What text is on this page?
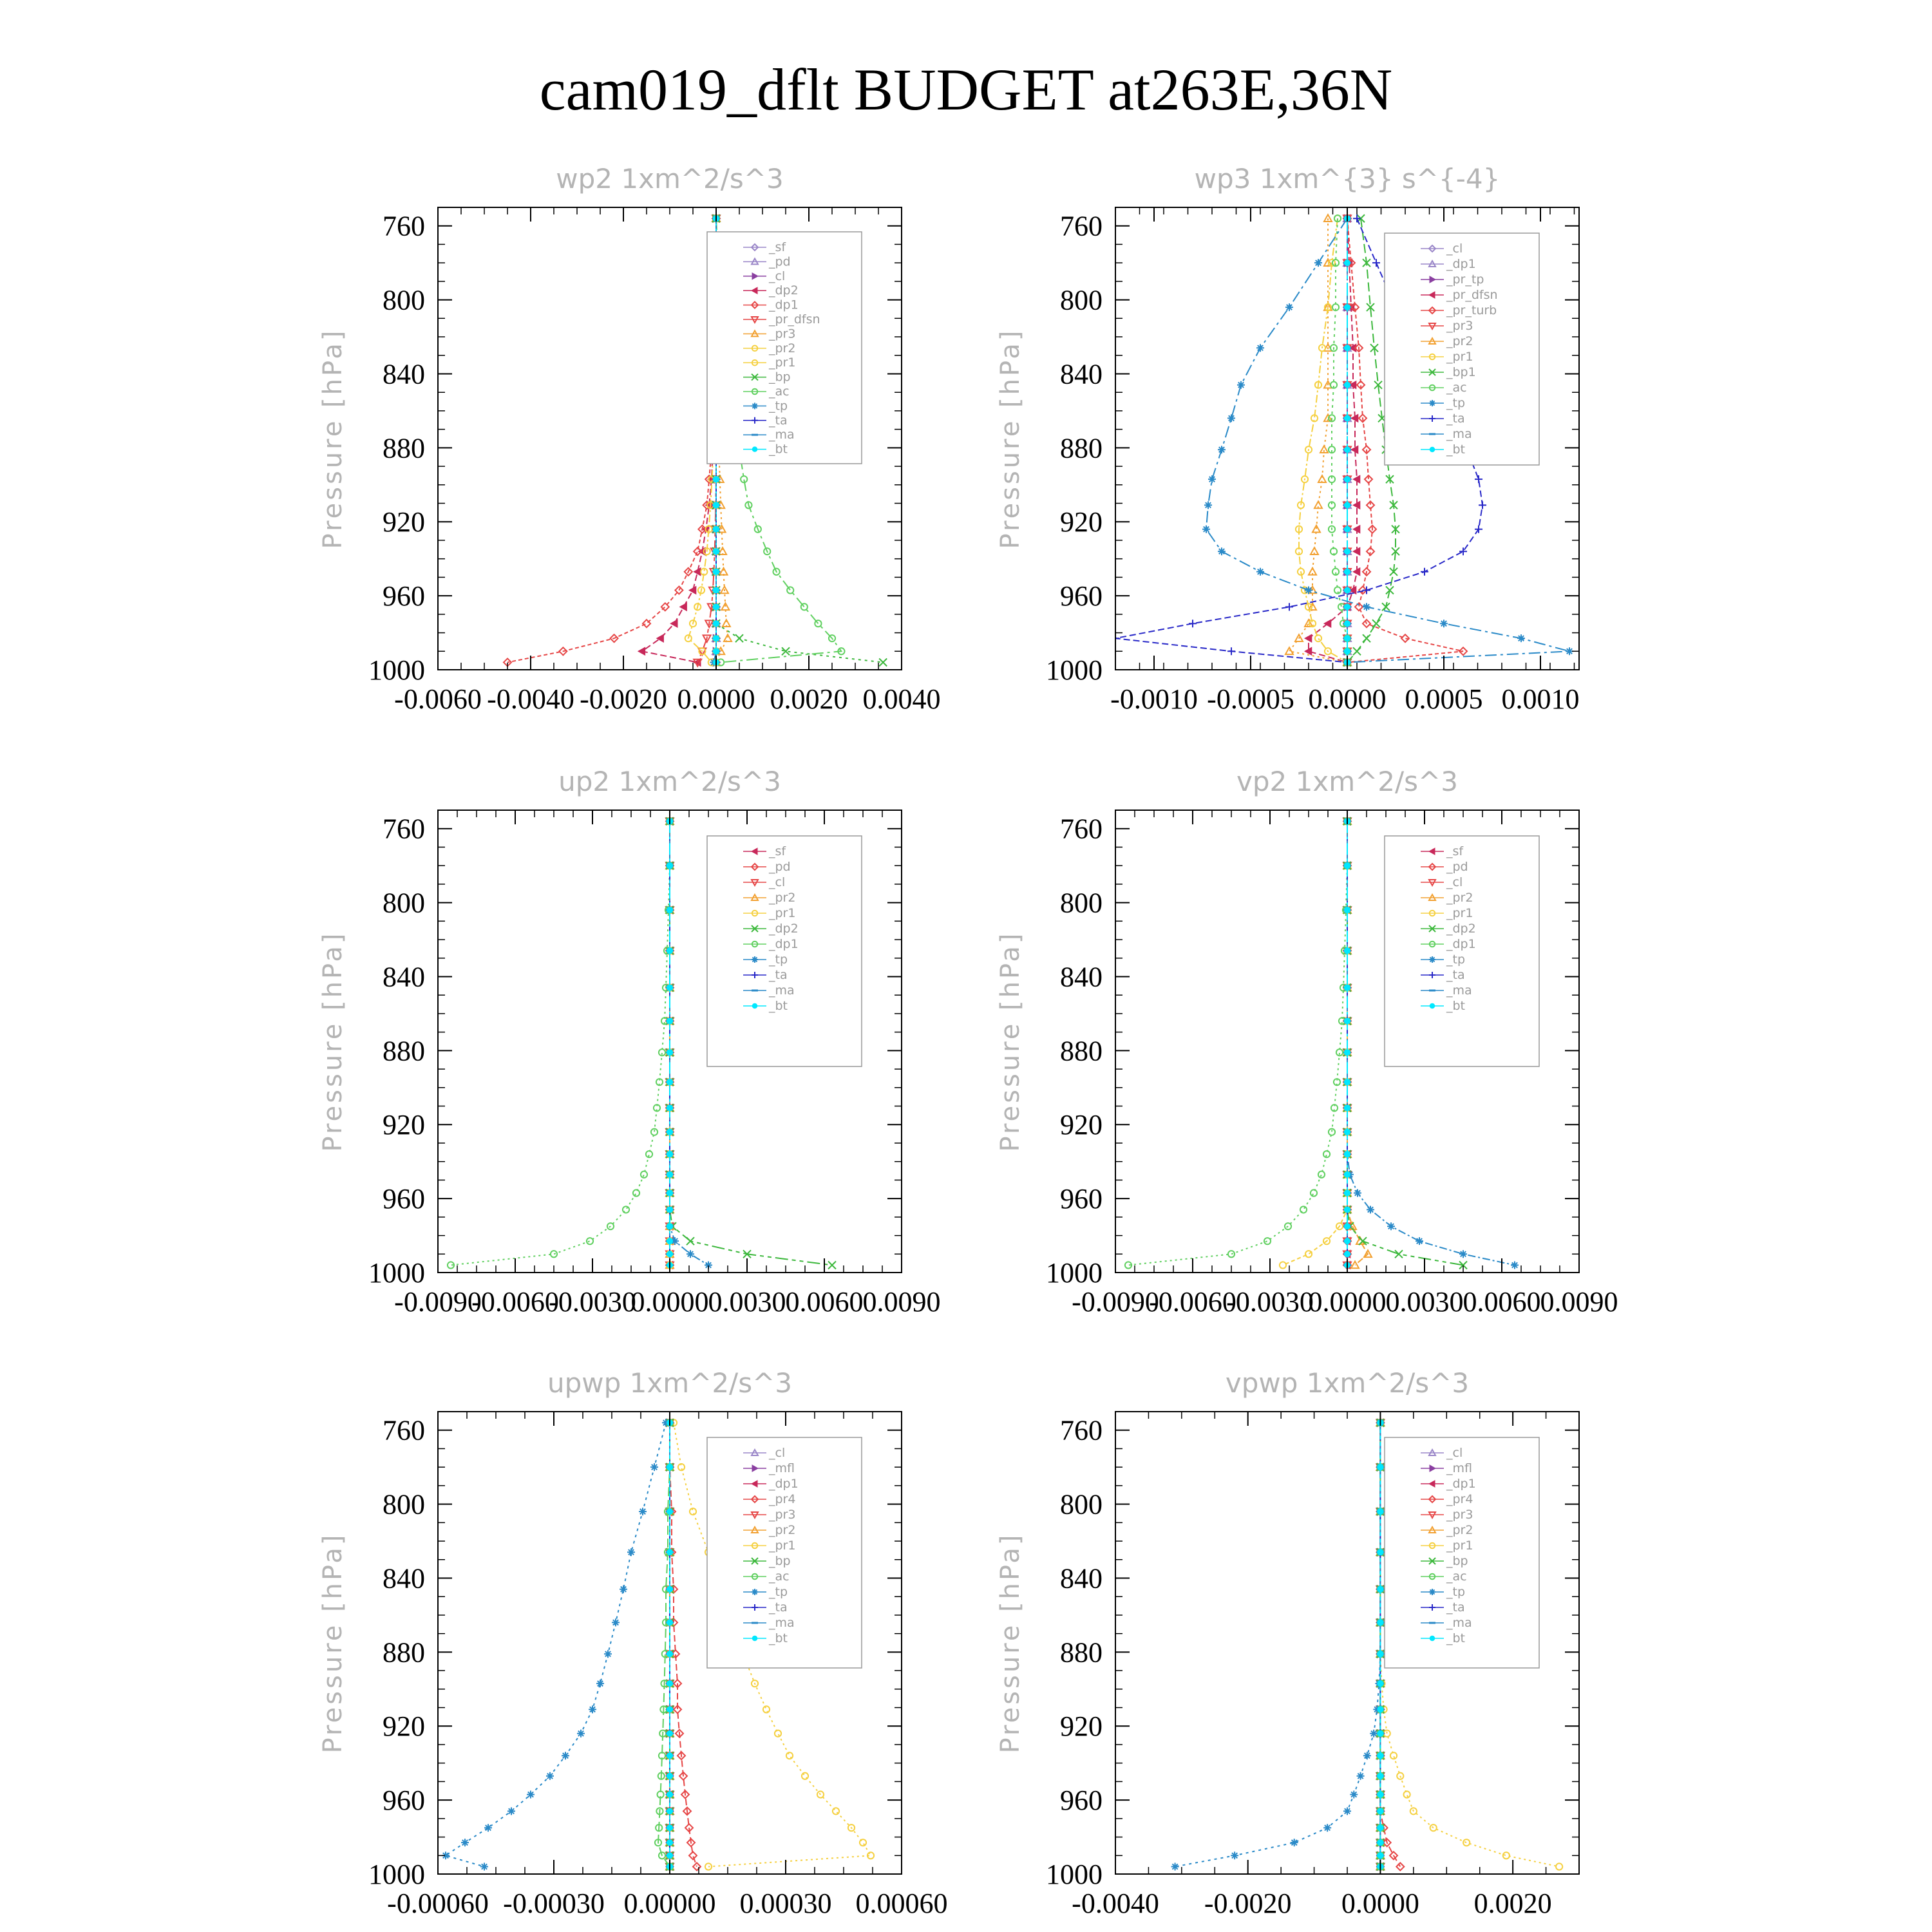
cam019_dflt BUDGET at263E,36N
wp2 1xm^2/s^3
Pressure [hPa]
760
800
840
880
920
960
1000
-0.0060 -0.0040 -0.0020 0.0000 0.0020 0.0040
_sf
_pd
_cl
_dp2
_dp1
_pr_dfsn
_pr3
_pr2
_pr1
_bp
_ac
_tp
_ta
_ma
_bt
wp3 1xm^{3} s^{-4}
Pressure [hPa]
760
800
840
880
920
960
1000
-0.0010 -0.0005 0.0000 0.0005 0.0010
_cl
_dp1
_pr_tp
_pr_dfsn
_pr_turb
_pr3
_pr2
_pr1
_bp1
_ac
_tp
_ta
_ma
_bt
up2 1xm^2/s^3
Pressure [hPa]
760
800
840
880
920
960
1000
-0.0090
-0.0060
-0.0030
0.0000 0.0030 0.0060 0.0090
_sf
_pd
_cl
_pr2
_pr1
_dp2
_dp1
_tp
_ta
_ma
_bt
vp2 1xm^2/s^3
Pressure [hPa]
760
800
840
880
920
960
1000
-0.0090
-0.0060
-0.0030
0.0000 0.0030 0.0060 0.0090
_sf
_pd
_cl
_pr2
_pr1
_dp2
_dp1
_tp
_ta
_ma
_bt
upwp 1xm^2/s^3
Pressure [hPa]
760
800
840
880
920
960
1000
-0.00060 -0.00030 0.00000 0.00030 0.00060
_cl
_mfl
_dp1
_pr4
_pr3
_pr2
_pr1
_bp
_ac
_tp
_ta
_ma
_bt
vpwp 1xm^2/s^3
Pressure [hPa]
760
800
840
880
920
960
1000
-0.0040 -0.0020 0.0000 0.0020
_cl
_mfl
_dp1
_pr4
_pr3
_pr2
_pr1
_bp
_ac
_tp
_ta
_ma
_bt
